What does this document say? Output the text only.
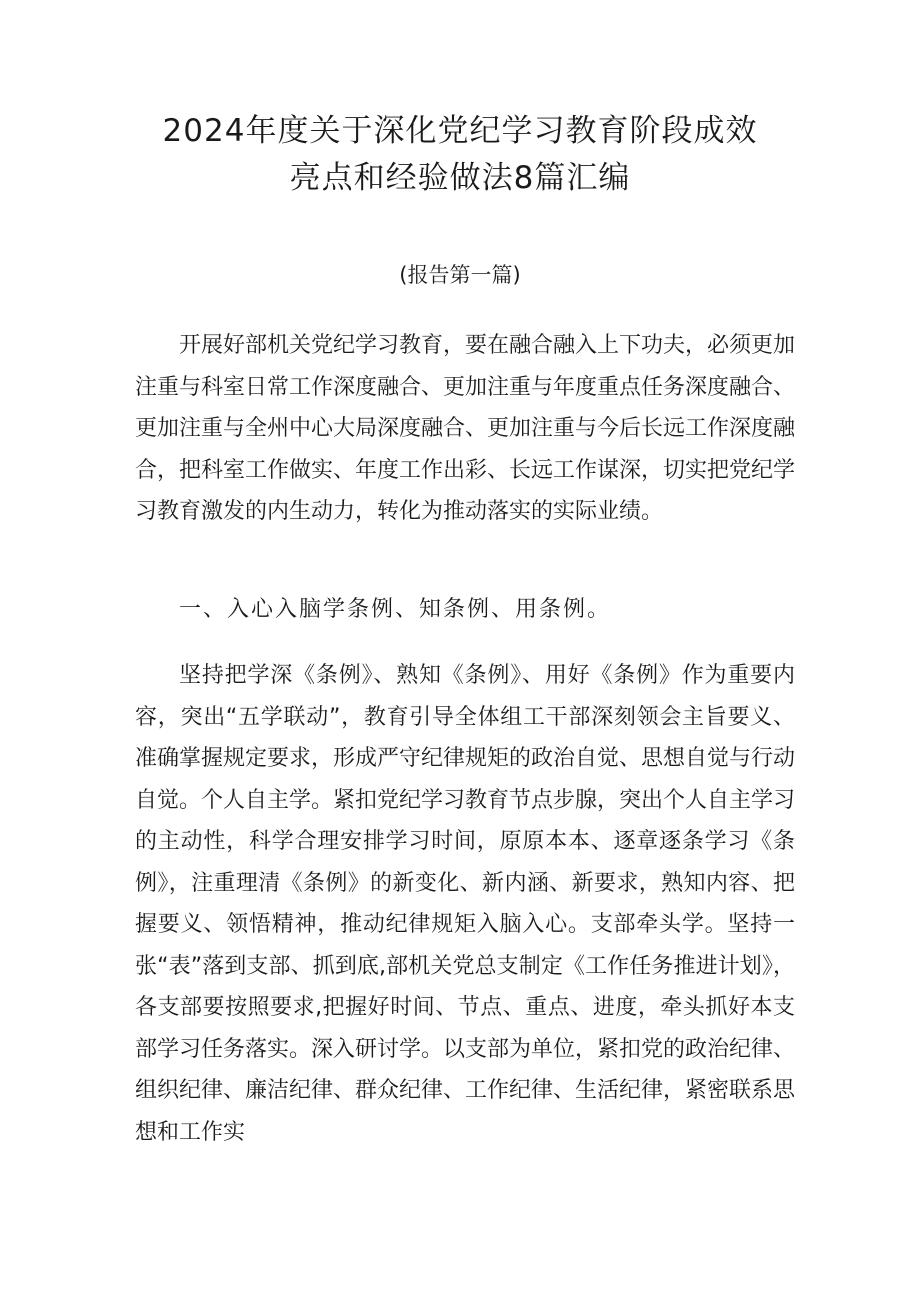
2024年度关于深化党纪学习教育阶段成效
亮点和经验做法8篇汇编
(报告第一篇)

开展好部机关党纪学习教育，要在融合融入上下功夫，必须更加注重与科室日常工作深度融合、更加注重与年度重点任务深度融合、更加注重与全州中心大局深度融合、更加注重与今后长远工作深度融合，把科室工作做实、年度工作出彩、长远工作谋深，切实把党纪学习教育激发的内生动力，转化为推动落实的实际业绩。

一、入心入脑学条例、知条例、用条例。

坚持把学深《条例》、熟知《条例》、用好《条例》作为重要内容，突出“五学联动”，教育引导全体组工干部深刻领会主旨要义、准确掌握规定要求，形成严守纪律规矩的政治自觉、思想自觉与行动自觉。个人自主学。紧扣党纪学习教育节点步腺，突出个人自主学习的主动性，科学合理安排学习时间，原原本本、逐章逐条学习《条例》，注重理清《条例》的新变化、新内涵、新要求，熟知内容、把握要义、领悟精神，推动纪律规矩入脑入心。支部牵头学。坚持一张“表”落到支部、抓到底,部机关党总支制定《工作任务推进计划》，各支部要按照要求,把握好时间、节点、重点、进度，牵头抓好本支部学习任务落实。深入研讨学。以支部为单位，紧扣党的政治纪律、组织纪律、廉洁纪律、群众纪律、工作纪律、生活纪律，紧密联系思想和工作实
